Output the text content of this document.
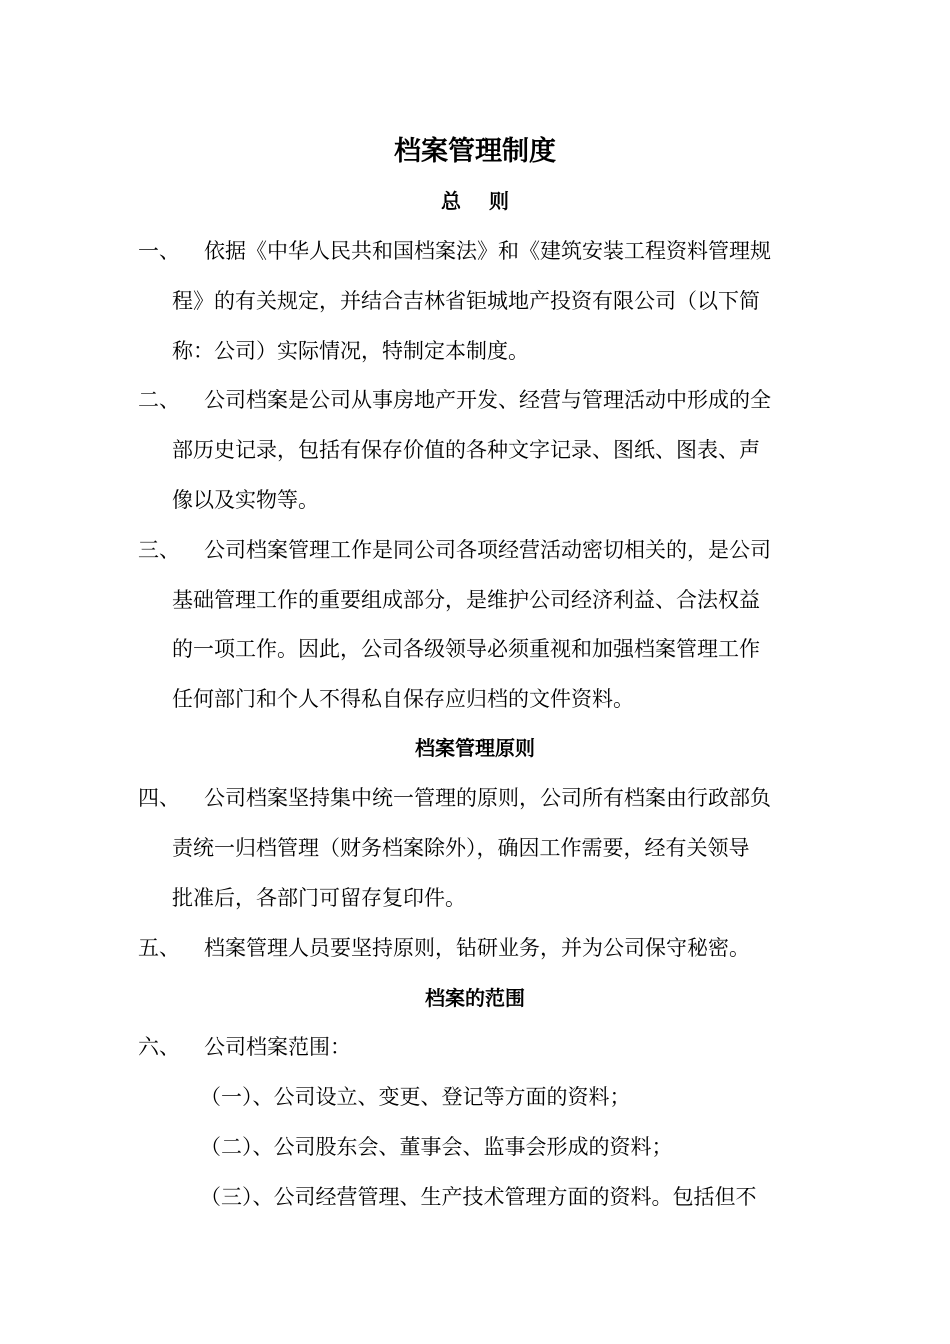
档案管理制度
总则
一、 依据《中华人民共和国档案法》和《建筑安装工程资料管理规
程》的有关规定，并结合吉林省钜城地产投资有限公司（以下简
称：公司）实际情况，特制定本制度。
二、 公司档案是公司从事房地产开发、经营与管理活动中形成的全
部历史记录，包括有保存价值的各种文字记录、图纸、图表、声
像以及实物等。
三、 公司档案管理工作是同公司各项经营活动密切相关的，是公司
基础管理工作的重要组成部分，是维护公司经济利益、合法权益
的一项工作。因此，公司各级领导必须重视和加强档案管理工作
任何部门和个人不得私自保存应归档的文件资料。
档案管理原则
四、 公司档案坚持集中统一管理的原则，公司所有档案由行政部负
责统一归档管理（财务档案除外），确因工作需要，经有关领导
批准后，各部门可留存复印件。
五、 档案管理人员要坚持原则，钻研业务，并为公司保守秘密。
档案的范围
六、 公司档案范围：
（一）、公司设立、变更、登记等方面的资料；
（二）、公司股东会、董事会、监事会形成的资料；
（三）、公司经营管理、生产技术管理方面的资料。包括但不
